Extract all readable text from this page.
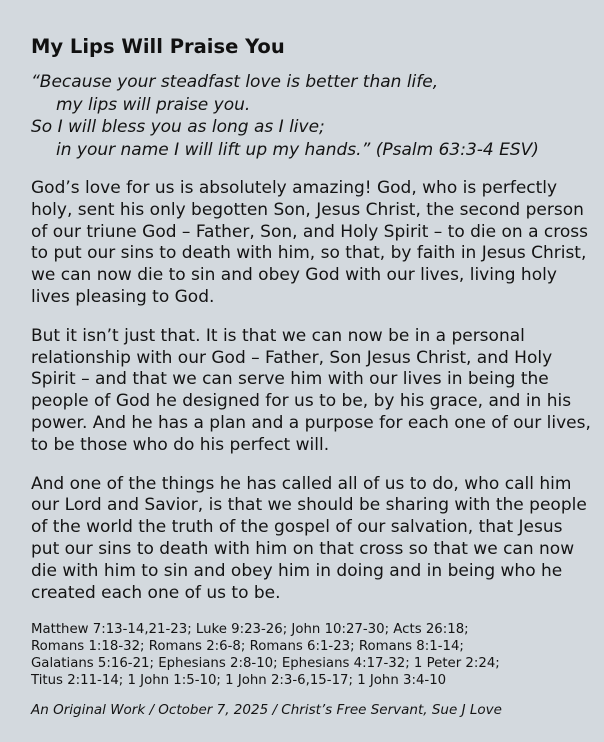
My Lips Will Praise You
“Because your steadfast love is better than life,
my lips will praise you.
So I will bless you as long as I live;
in your name I will lift up my hands.” (Psalm 63:3-4 ESV)

God’s love for us is absolutely amazing! God, who is perfectly holy, sent his only begotten Son, Jesus Christ, the second person of our triune God – Father, Son, and Holy Spirit – to die on a cross to put our sins to death with him, so that, by faith in Jesus Christ, we can now die to sin and obey God with our lives, living holy lives pleasing to God.

But it isn’t just that. It is that we can now be in a personal relationship with our God – Father, Son Jesus Christ, and Holy Spirit – and that we can serve him with our lives in being the people of God he designed for us to be, by his grace, and in his power. And he has a plan and a purpose for each one of our lives, to be those who do his perfect will.

And one of the things he has called all of us to do, who call him our Lord and Savior, is that we should be sharing with the people of the world the truth of the gospel of our salvation, that Jesus put our sins to death with him on that cross so that we can now die with him to sin and obey him in doing and in being who he created each one of us to be.

Matthew 7:13-14,21-23; Luke 9:23-26; John 10:27-30; Acts 26:18;
Romans 1:18-32; Romans 2:6-8; Romans 6:1-23; Romans 8:1-14;
Galatians 5:16-21; Ephesians 2:8-10; Ephesians 4:17-32; 1 Peter 2:24;
Titus 2:11-14; 1 John 1:5-10; 1 John 2:3-6,15-17; 1 John 3:4-10

An Original Work / October 7, 2025 / Christ’s Free Servant, Sue J Love
